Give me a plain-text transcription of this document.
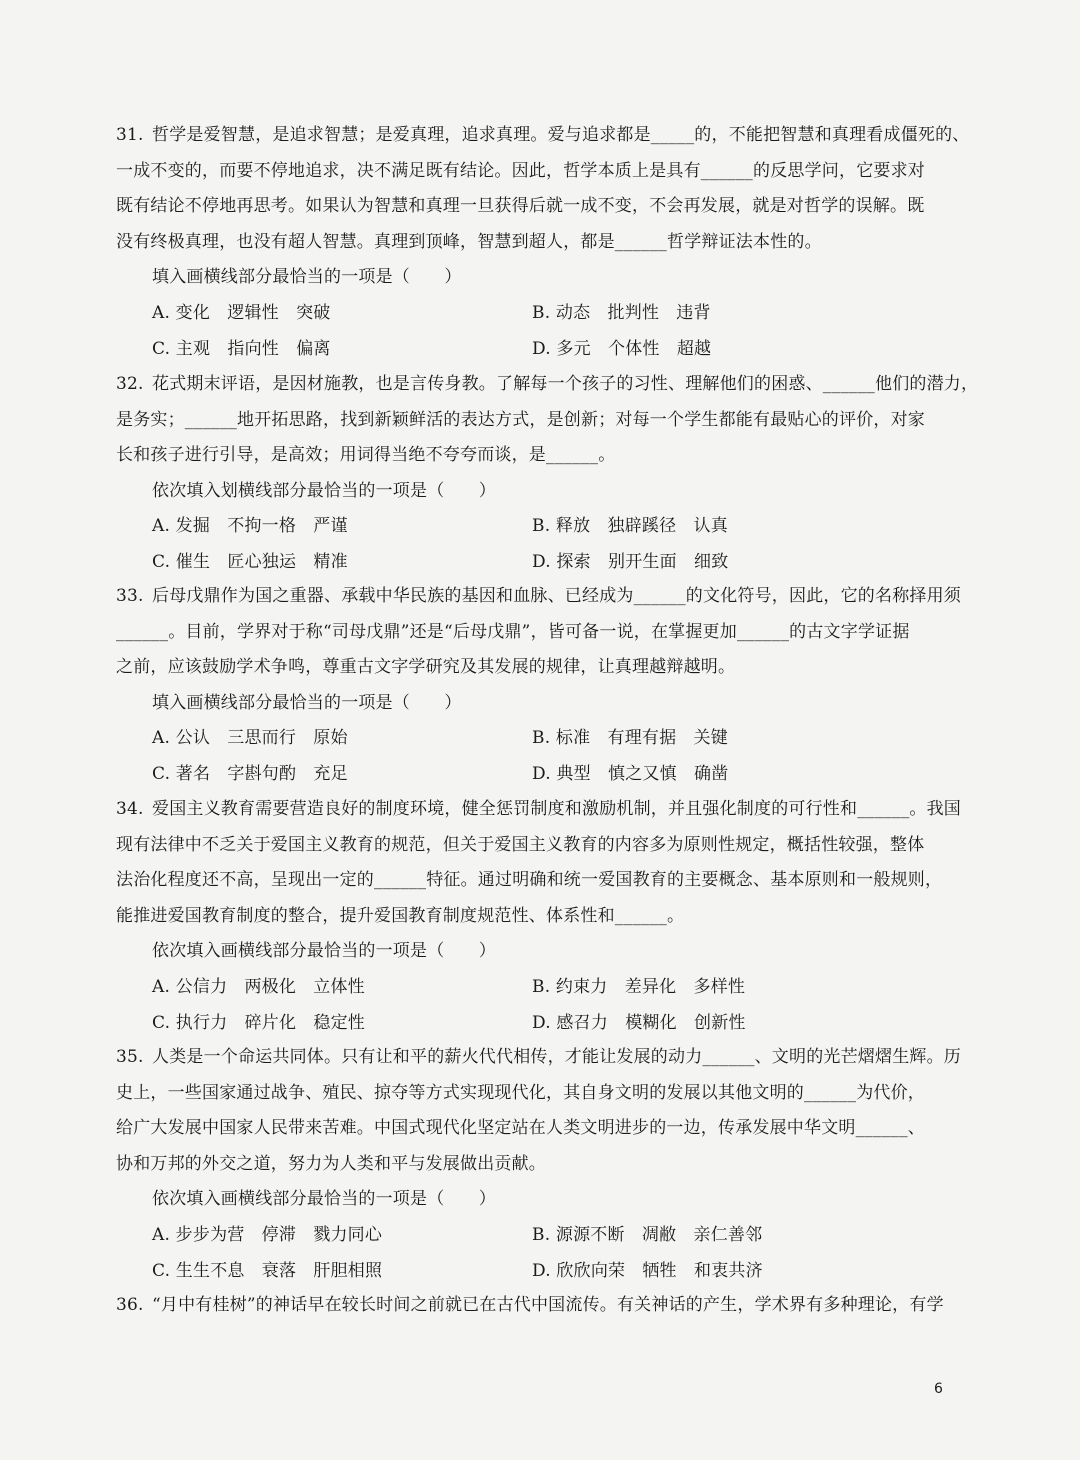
31. 哲学是爱智慧，是追求智慧；是爱真理，追求真理。爱与追求都是_____的，不能把智慧和真理看成僵死的、
一成不变的，而要不停地追求，决不满足既有结论。因此，哲学本质上是具有______的反思学问，它要求对
既有结论不停地再思考。如果认为智慧和真理一旦获得后就一成不变，不会再发展，就是对哲学的误解。既
没有终极真理，也没有超人智慧。真理到顶峰，智慧到超人，都是______哲学辩证法本性的。
填入画横线部分最恰当的一项是（　　）
A. 变化　逻辑性　突破	B. 动态　批判性　违背
C. 主观　指向性　偏离	D. 多元　个体性　超越
32. 花式期末评语，是因材施教，也是言传身教。了解每一个孩子的习性、理解他们的困惑、______他们的潜力，
是务实；______地开拓思路，找到新颖鲜活的表达方式，是创新；对每一个学生都能有最贴心的评价，对家
长和孩子进行引导，是高效；用词得当绝不夸夸而谈，是______。
依次填入划横线部分最恰当的一项是（　　）
A. 发掘　不拘一格　严谨	B. 释放　独辟蹊径　认真
C. 催生　匠心独运　精准	D. 探索　别开生面　细致
33. 后母戊鼎作为国之重器、承载中华民族的基因和血脉、已经成为______的文化符号，因此，它的名称择用须
______。目前，学界对于称“司母戊鼎”还是“后母戊鼎”，皆可备一说，在掌握更加______的古文字学证据
之前，应该鼓励学术争鸣，尊重古文字学研究及其发展的规律，让真理越辩越明。
填入画横线部分最恰当的一项是（　　）
A. 公认　三思而行　原始	B. 标准　有理有据　关键
C. 著名　字斟句酌　充足	D. 典型　慎之又慎　确凿
34. 爱国主义教育需要营造良好的制度环境，健全惩罚制度和激励机制，并且强化制度的可行性和______。我国
现有法律中不乏关于爱国主义教育的规范，但关于爱国主义教育的内容多为原则性规定，概括性较强，整体
法治化程度还不高，呈现出一定的______特征。通过明确和统一爱国教育的主要概念、基本原则和一般规则，
能推进爱国教育制度的整合，提升爱国教育制度规范性、体系性和______。
依次填入画横线部分最恰当的一项是（　　）
A. 公信力　两极化　立体性	B. 约束力　差异化　多样性
C. 执行力　碎片化　稳定性	D. 感召力　模糊化　创新性
35. 人类是一个命运共同体。只有让和平的薪火代代相传，才能让发展的动力______、文明的光芒熠熠生辉。历
史上，一些国家通过战争、殖民、掠夺等方式实现现代化，其自身文明的发展以其他文明的______为代价，
给广大发展中国家人民带来苦难。中国式现代化坚定站在人类文明进步的一边，传承发展中华文明______、
协和万邦的外交之道，努力为人类和平与发展做出贡献。
依次填入画横线部分最恰当的一项是（　　）
A. 步步为营　停滞　戮力同心	B. 源源不断　凋敝　亲仁善邻
C. 生生不息　衰落　肝胆相照	D. 欣欣向荣　牺牲　和衷共济
36. “月中有桂树”的神话早在较长时间之前就已在古代中国流传。有关神话的产生，学术界有多种理论，有学
6
